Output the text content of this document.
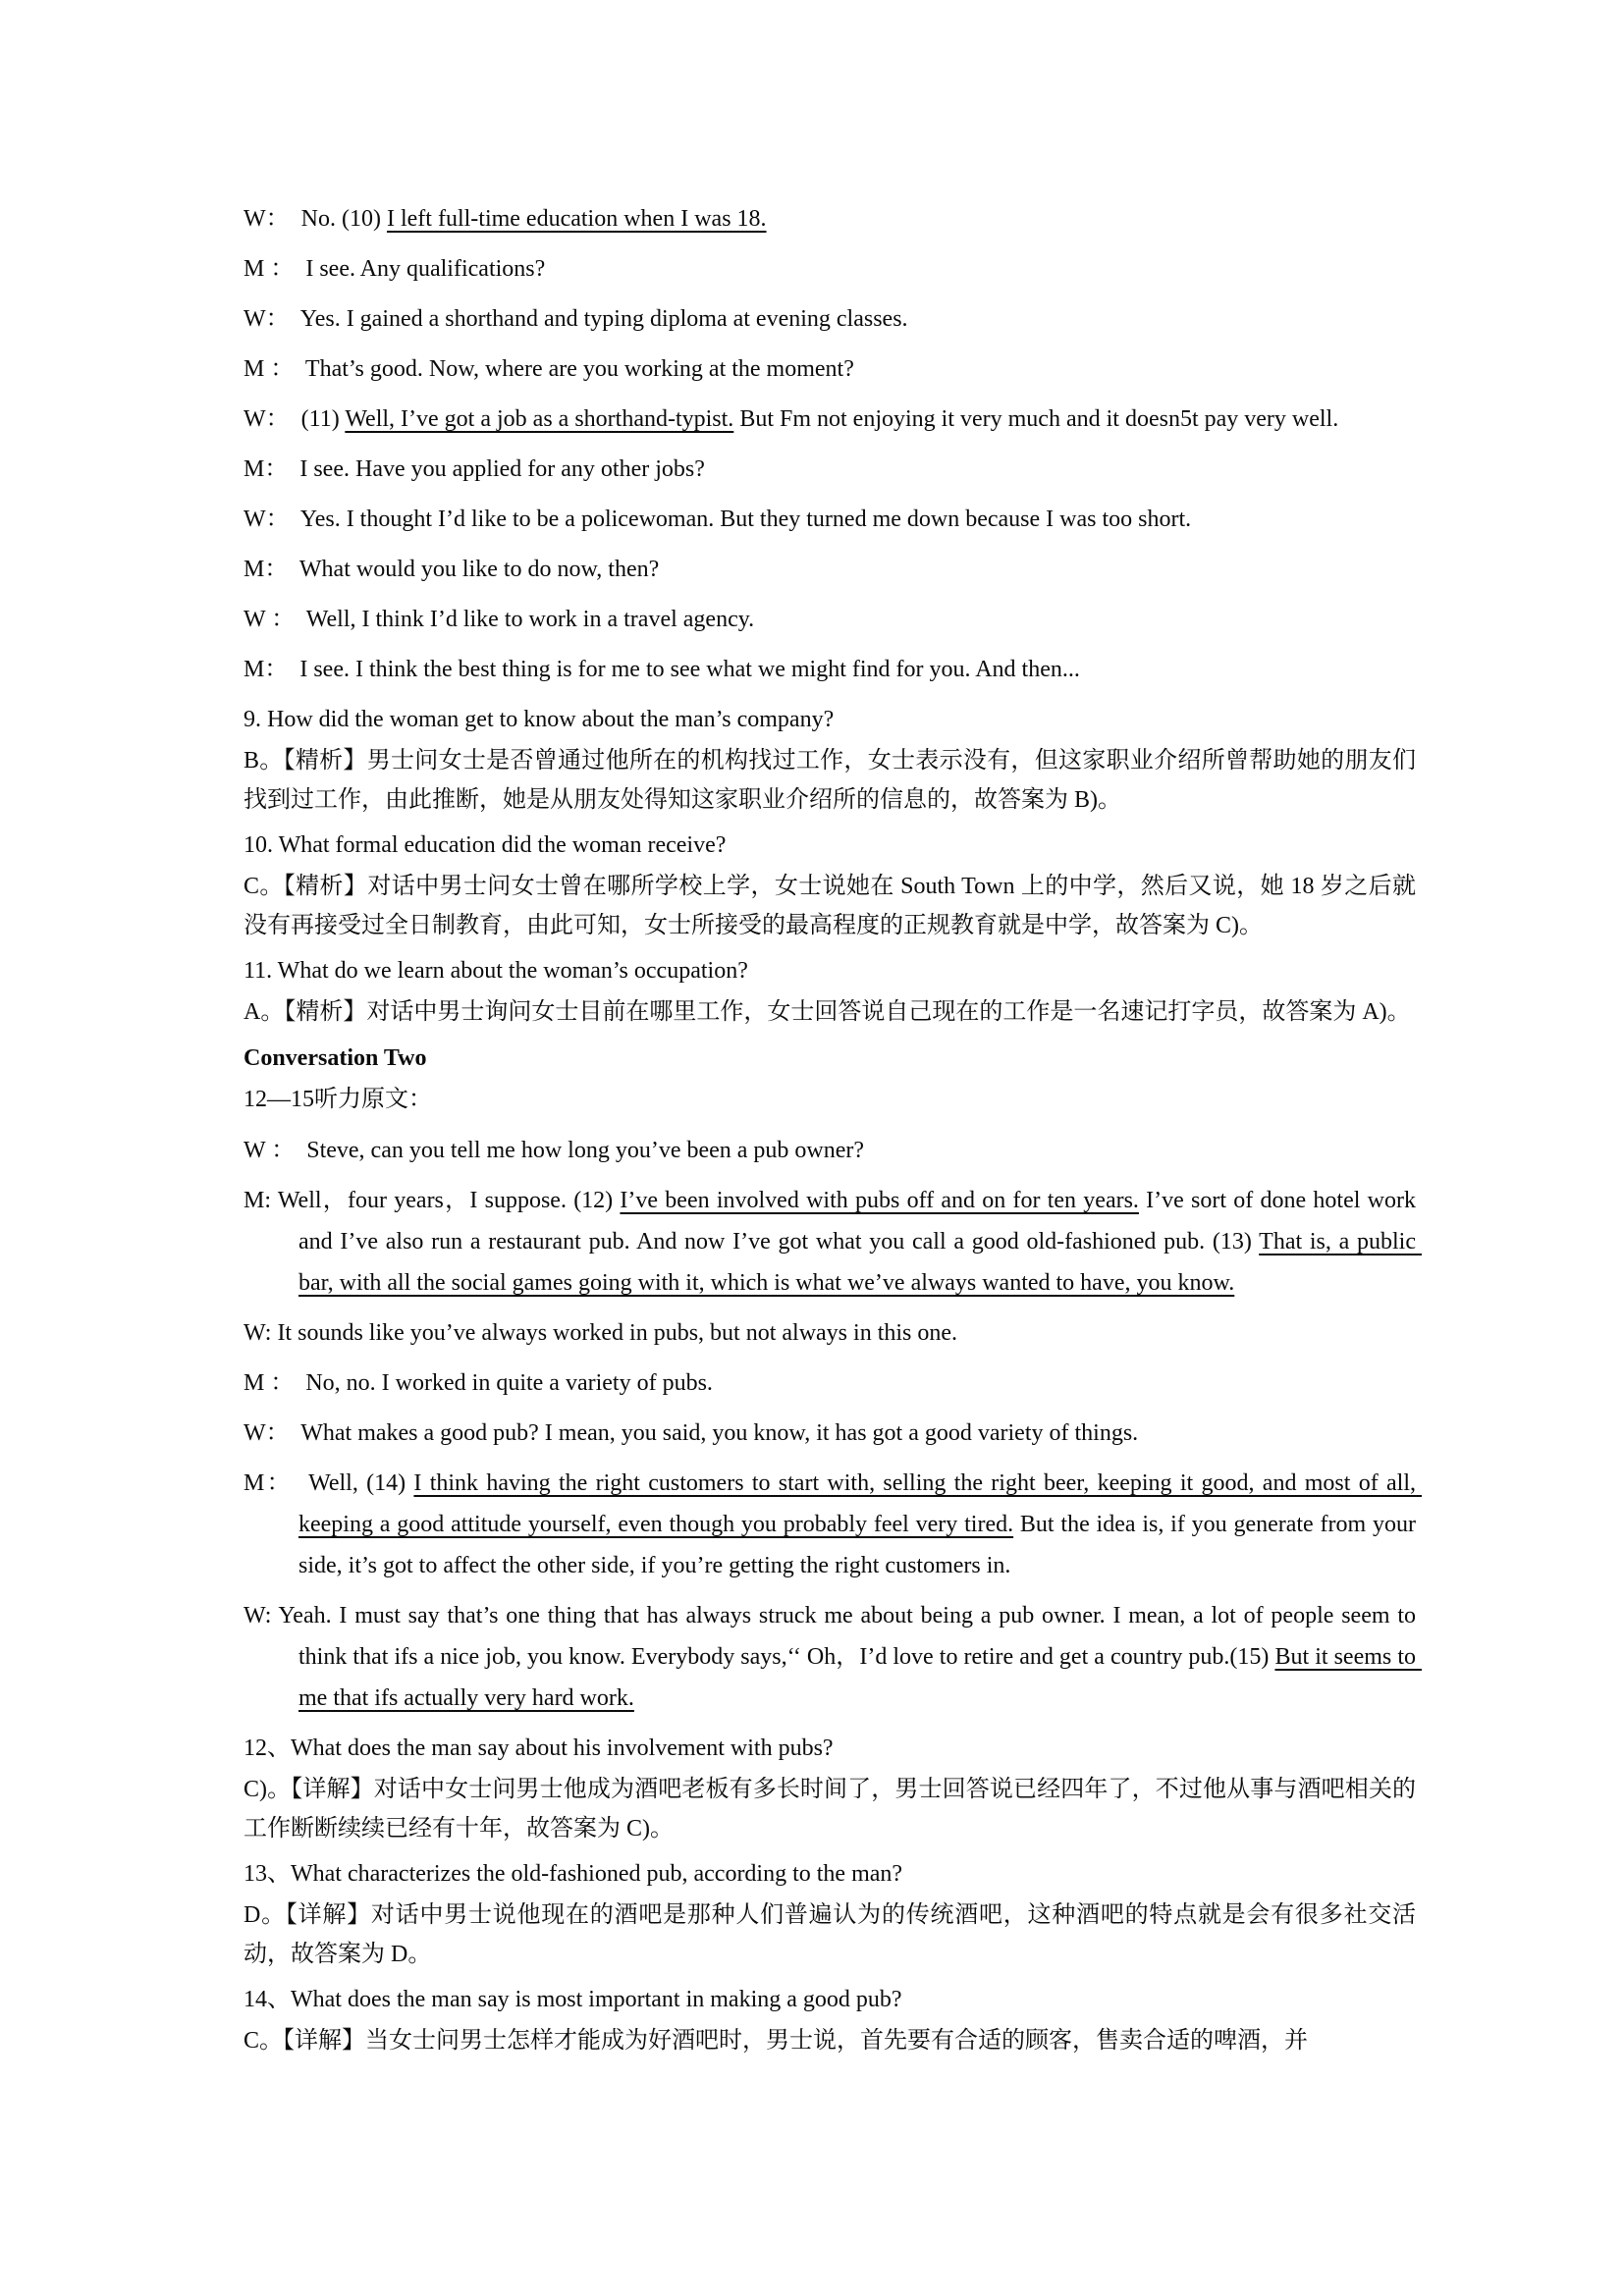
W：  No. (10) I left full-time education when I was 18.

M ：  I see. Any qualifications?

W：  Yes. I gained a shorthand and typing diploma at evening classes.

M ：  That’s good. Now, where are you working at the moment?

W：  (11) Well, I’ve got a job as a shorthand-typist. But Fm not enjoying it very much and it doesn5t pay very well.

M：  I see. Have you applied for any other jobs?

W：  Yes. I thought I’d like to be a policewoman. But they turned me down because I was too short.

M：  What would you like to do now, then?

W ：  Well, I think I’d like to work in a travel agency.

M：  I see. I think the best thing is for me to see what we might find for you. And then...

9. How did the woman get to know about the man’s company?

B。【精析】男士问女士是否曾通过他所在的机构找过工作，女士表示没有，但这家职业介绍所曾帮助她的朋友们找到过工作，由此推断，她是从朋友处得知这家职业介绍所的信息的，故答案为 B)。

10. What formal education did the woman receive?

C。【精析】对话中男士问女士曾在哪所学校上学，女士说她在 South Town 上的中学，然后又说，她 18 岁之后就没有再接受过全日制教育，由此可知，女士所接受的最高程度的正规教育就是中学，故答案为 C)。

11. What do we learn about the woman’s occupation?

A。【精析】对话中男士询问女士目前在哪里工作，女士回答说自己现在的工作是一名速记打字员，故答案为 A)。

Conversation Two

12—15听力原文：

W ：  Steve, can you tell me how long you’ve been a pub owner?

M: Well，four years，I suppose. (12) I’ve been involved with pubs off and on for ten years. I’ve sort of done hotel work and I’ve also run a restaurant pub. And now I’ve got what you call a good old-fashioned pub. (13) That is, a public bar, with all the social games going with it, which is what we’ve always wanted to have, you know.

W: It sounds like you’ve always worked in pubs, but not always in this one.

M ：  No, no. I worked in quite a variety of pubs.

W：  What makes a good pub? I mean, you said, you know, it has got a good variety of things.

M：  Well, (14) I think having the right customers to start with, selling the right beer, keeping it good, and most of all, keeping a good attitude yourself, even though you probably feel very tired. But the idea is, if you generate from your side, it’s got to affect the other side, if you’re getting the right customers in.

W: Yeah. I must say that’s one thing that has always struck me about being a pub owner. I mean, a lot of people seem to think that ifs a nice job, you know. Everybody says,‘‘ Oh，I’d love to retire and get a country pub.(15) But it seems to me that ifs actually very hard work.

12、What does the man say about his involvement with pubs?

C)。【详解】对话中女士问男士他成为酒吧老板有多长时间了，男士回答说已经四年了，不过他从事与酒吧相关的工作断断续续已经有十年，故答案为 C)。

13、What characterizes the old-fashioned pub, according to the man?

D。【详解】对话中男士说他现在的酒吧是那种人们普遍认为的传统酒吧，这种酒吧的特点就是会有很多社交活动，故答案为 D。

14、What does the man say is most important in making a good pub?

C。【详解】当女士问男士怎样才能成为好酒吧时，男士说，首先要有合适的顾客，售卖合适的啤酒，并
